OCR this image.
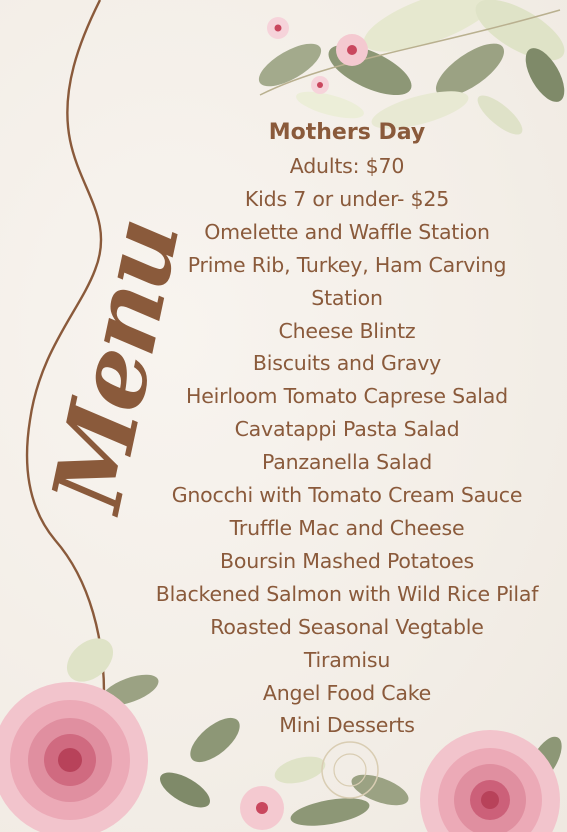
Menu
Mothers Day
Adults: $70
Kids 7 or under- $25
Omelette and Waffle Station
Prime Rib, Turkey, Ham Carving
Station
Cheese Blintz
Biscuits and Gravy
Heirloom Tomato Caprese Salad
Cavatappi Pasta Salad
Panzanella Salad
Gnocchi with Tomato Cream Sauce
Truffle Mac and Cheese
Boursin Mashed Potatoes
Blackened Salmon with Wild Rice Pilaf
Roasted Seasonal Vegtable
Tiramisu
Angel Food Cake
Mini Desserts
